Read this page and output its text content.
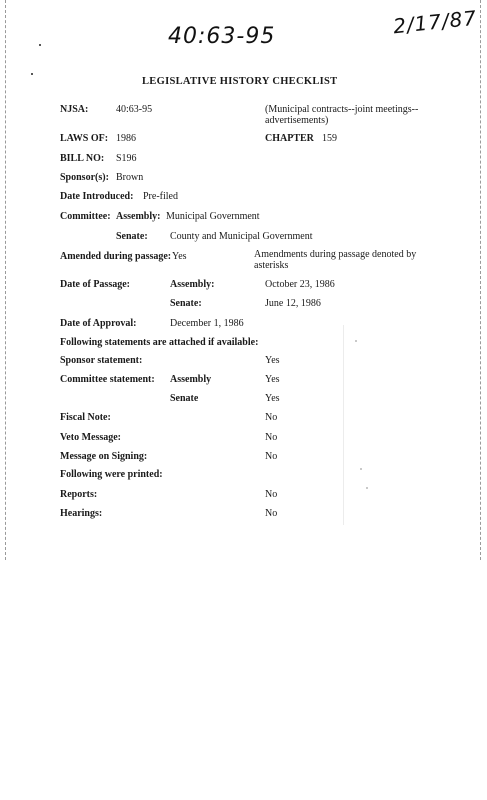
40:63-95	2/17/87
LEGISLATIVE HISTORY CHECKLIST
NJSA:	40:63-95	(Municipal contracts--joint meetings--advertisements)
LAWS OF: 1986	CHAPTER 159
BILL NO: S196
Sponsor(s): Brown
Date Introduced: Pre-filed
Committee: Assembly: Municipal Government
Senate: County and Municipal Government
Amended during passage: Yes	Amendments during passage denoted by asterisks
Date of Passage:	Assembly:	October 23, 1986
Senate:	June 12, 1986
Date of Approval:	December 1, 1986
Following statements are attached if available:
Sponsor statement:	Yes
Committee statement: Assembly	Yes
Senate	Yes
Fiscal Note:	No
Veto Message:	No
Message on Signing:	No
Following were printed:
Reports:	No
Hearings:	No
